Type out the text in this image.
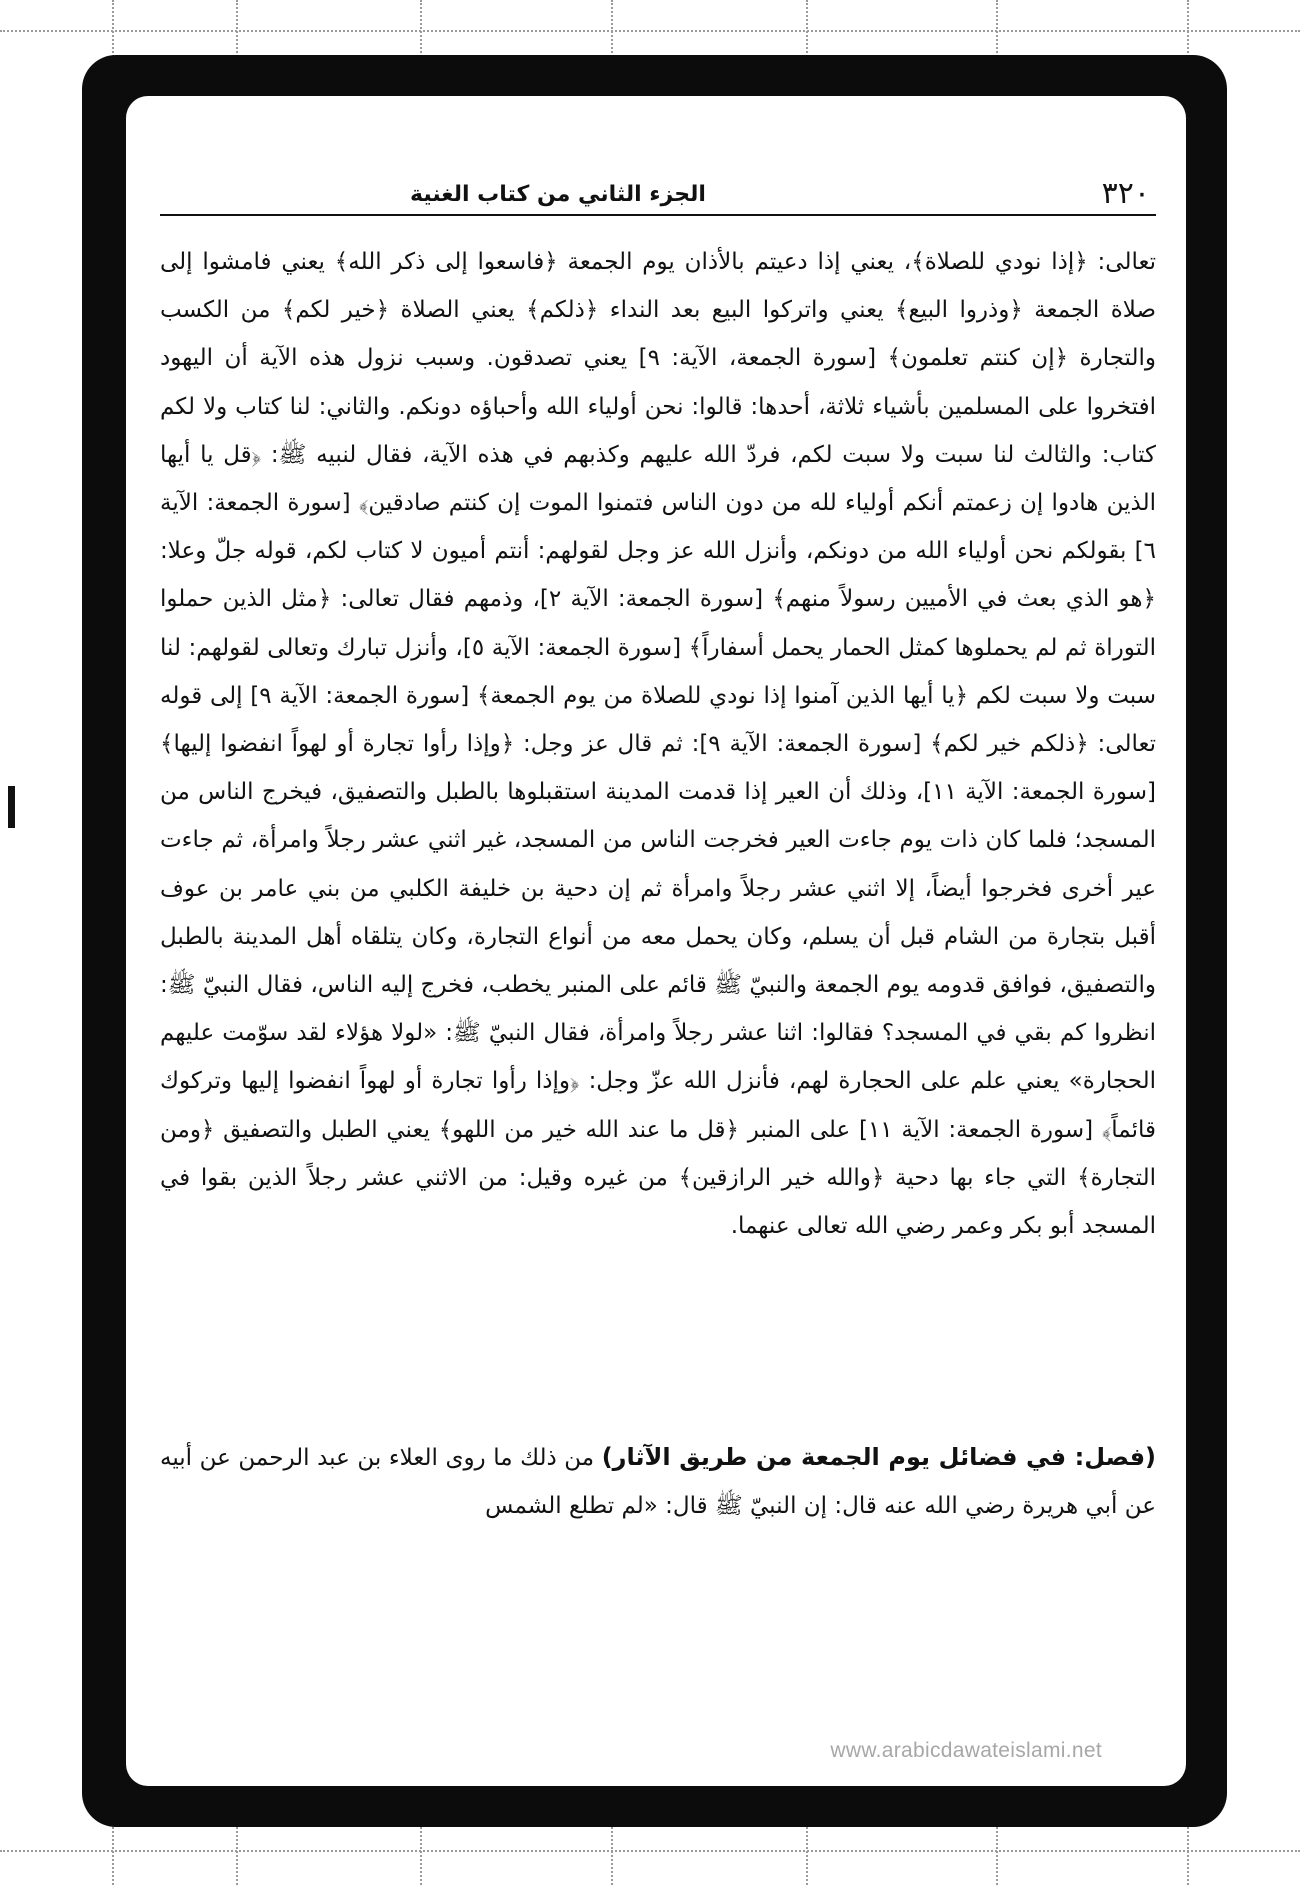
٣٢٠
الجزء الثاني من كتاب الغنية

تعالى: ﴿إذا نودي للصلاة﴾، يعني إذا دعيتم بالأذان يوم الجمعة ﴿فاسعوا إلى ذكر الله﴾ يعني فامشوا إلى صلاة الجمعة ﴿وذروا البيع﴾ يعني واتركوا البيع بعد النداء ﴿ذلكم﴾ يعني الصلاة ﴿خير لكم﴾ من الكسب والتجارة ﴿إن كنتم تعلمون﴾ [سورة الجمعة، الآية: ٩] يعني تصدقون. وسبب نزول هذه الآية أن اليهود افتخروا على المسلمين بأشياء ثلاثة، أحدها: قالوا: نحن أولياء الله وأحباؤه دونكم. والثاني: لنا كتاب ولا لكم كتاب: والثالث لنا سبت ولا سبت لكم، فردّ الله عليهم وكذبهم في هذه الآية، فقال لنبيه ﷺ: ﴿قل يا أيها الذين هادوا إن زعمتم أنكم أولياء لله من دون الناس فتمنوا الموت إن كنتم صادقين﴾ [سورة الجمعة: الآية ٦] بقولكم نحن أولياء الله من دونكم، وأنزل الله عز وجل لقولهم: أنتم أميون لا كتاب لكم، قوله جلّ وعلا: ﴿هو الذي بعث في الأميين رسولاً منهم﴾ [سورة الجمعة: الآية ٢]، وذمهم فقال تعالى: ﴿مثل الذين حملوا التوراة ثم لم يحملوها كمثل الحمار يحمل أسفاراً﴾ [سورة الجمعة: الآية ٥]، وأنزل تبارك وتعالى لقولهم: لنا سبت ولا سبت لكم ﴿يا أيها الذين آمنوا إذا نودي للصلاة من يوم الجمعة﴾ [سورة الجمعة: الآية ٩] إلى قوله تعالى: ﴿ذلكم خير لكم﴾ [سورة الجمعة: الآية ٩]: ثم قال عز وجل: ﴿وإذا رأوا تجارة أو لهواً انفضوا إليها﴾ [سورة الجمعة: الآية ١١]، وذلك أن العير إذا قدمت المدينة استقبلوها بالطبل والتصفيق، فيخرج الناس من المسجد؛ فلما كان ذات يوم جاءت العير فخرجت الناس من المسجد، غير اثني عشر رجلاً وامرأة، ثم جاءت عير أخرى فخرجوا أيضاً، إلا اثني عشر رجلاً وامرأة ثم إن دحية بن خليفة الكلبي من بني عامر بن عوف أقبل بتجارة من الشام قبل أن يسلم، وكان يحمل معه من أنواع التجارة، وكان يتلقاه أهل المدينة بالطبل والتصفيق، فوافق قدومه يوم الجمعة والنبيّ ﷺ قائم على المنبر يخطب، فخرج إليه الناس، فقال النبيّ ﷺ: انظروا كم بقي في المسجد؟ فقالوا: اثنا عشر رجلاً وامرأة، فقال النبيّ ﷺ: «لولا هؤلاء لقد سوّمت عليهم الحجارة» يعني علم على الحجارة لهم، فأنزل الله عزّ وجل: ﴿وإذا رأوا تجارة أو لهواً انفضوا إليها وتركوك قائماً﴾ [سورة الجمعة: الآية ١١] على المنبر ﴿قل ما عند الله خير من اللهو﴾ يعني الطبل والتصفيق ﴿ومن التجارة﴾ التي جاء بها دحية ﴿والله خير الرازقين﴾ من غيره وقيل: من الاثني عشر رجلاً الذين بقوا في المسجد أبو بكر وعمر رضي الله تعالى عنهما.

(فصل: في فضائل يوم الجمعة من طريق الآثار) من ذلك ما روى العلاء بن عبد الرحمن عن أبيه عن أبي هريرة رضي الله عنه قال: إن النبيّ ﷺ قال: «لم تطلع الشمس
www.arabicdawateislami.net
